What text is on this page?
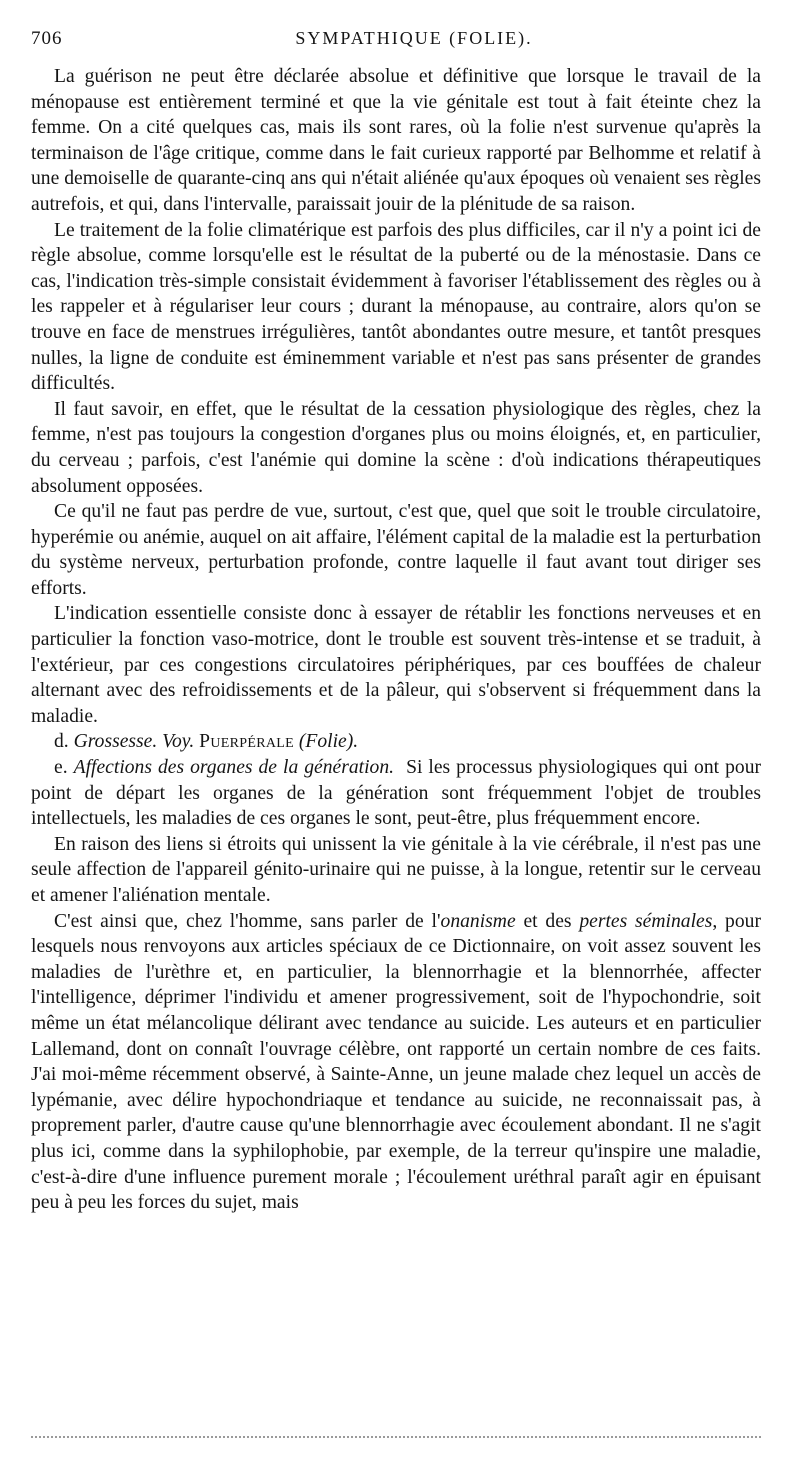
706	SYMPATHIQUE (FOLIE).

La guérison ne peut être déclarée absolue et définitive que lorsque le travail de la ménopause est entièrement terminé et que la vie génitale est tout à fait éteinte chez la femme. On a cité quelques cas, mais ils sont rares, où la folie n'est survenue qu'après la terminaison de l'âge critique, comme dans le fait curieux rapporté par Belhomme et relatif à une demoiselle de quarante-cinq ans qui n'était aliénée qu'aux époques où venaient ses règles autrefois, et qui, dans l'intervalle, paraissait jouir de la plénitude de sa raison.

Le traitement de la folie climatérique est parfois des plus difficiles, car il n'y a point ici de règle absolue, comme lorsqu'elle est le résultat de la puberté ou de la ménostasie. Dans ce cas, l'indication très-simple consistait évidemment à favoriser l'établissement des règles ou à les rappeler et à régulariser leur cours ; durant la ménopause, au contraire, alors qu'on se trouve en face de menstrues irrégulières, tantôt abondantes outre mesure, et tantôt presques nulles, la ligne de conduite est éminemment variable et n'est pas sans présenter de grandes difficultés.

Il faut savoir, en effet, que le résultat de la cessation physiologique des règles, chez la femme, n'est pas toujours la congestion d'organes plus ou moins éloignés, et, en particulier, du cerveau ; parfois, c'est l'anémie qui domine la scène : d'où indications thérapeutiques absolument opposées.

Ce qu'il ne faut pas perdre de vue, surtout, c'est que, quel que soit le trouble circulatoire, hyperémie ou anémie, auquel on ait affaire, l'élément capital de la maladie est la perturbation du système nerveux, perturbation profonde, contre laquelle il faut avant tout diriger ses efforts.

L'indication essentielle consiste donc à essayer de rétablir les fonctions nerveuses et en particulier la fonction vaso-motrice, dont le trouble est souvent très-intense et se traduit, à l'extérieur, par ces congestions circulatoires périphériques, par ces bouffées de chaleur alternant avec des refroidissements et de la pâleur, qui s'observent si fréquemment dans la maladie.

d. Grossesse. Voy. Puerpérale (Folie).

e. Affections des organes de la génération. Si les processus physiologiques qui ont pour point de départ les organes de la génération sont fréquemment l'objet de troubles intellectuels, les maladies de ces organes le sont, peut-être, plus fréquemment encore.

En raison des liens si étroits qui unissent la vie génitale à la vie cérébrale, il n'est pas une seule affection de l'appareil génito-urinaire qui ne puisse, à la longue, retentir sur le cerveau et amener l'aliénation mentale.

C'est ainsi que, chez l'homme, sans parler de l'onanisme et des pertes séminales, pour lesquels nous renvoyons aux articles spéciaux de ce Dictionnaire, on voit assez souvent les maladies de l'urèthre et, en particulier, la blennorrhagie et la blennorrhée, affecter l'intelligence, déprimer l'individu et amener progressivement, soit de l'hypochondrie, soit même un état mélancolique délirant avec tendance au suicide. Les auteurs et en particulier Lallemand, dont on connaît l'ouvrage célèbre, ont rapporté un certain nombre de ces faits. J'ai moi-même récemment observé, à Sainte-Anne, un jeune malade chez lequel un accès de lypémanie, avec délire hypochondriaque et tendance au suicide, ne reconnaissait pas, à proprement parler, d'autre cause qu'une blennorrhagie avec écoulement abondant. Il ne s'agit plus ici, comme dans la syphilophobie, par exemple, de la terreur qu'inspire une maladie, c'est-à-dire d'une influence purement morale ; l'écoulement uréthral paraît agir en épuisant peu à peu les forces du sujet, mais
